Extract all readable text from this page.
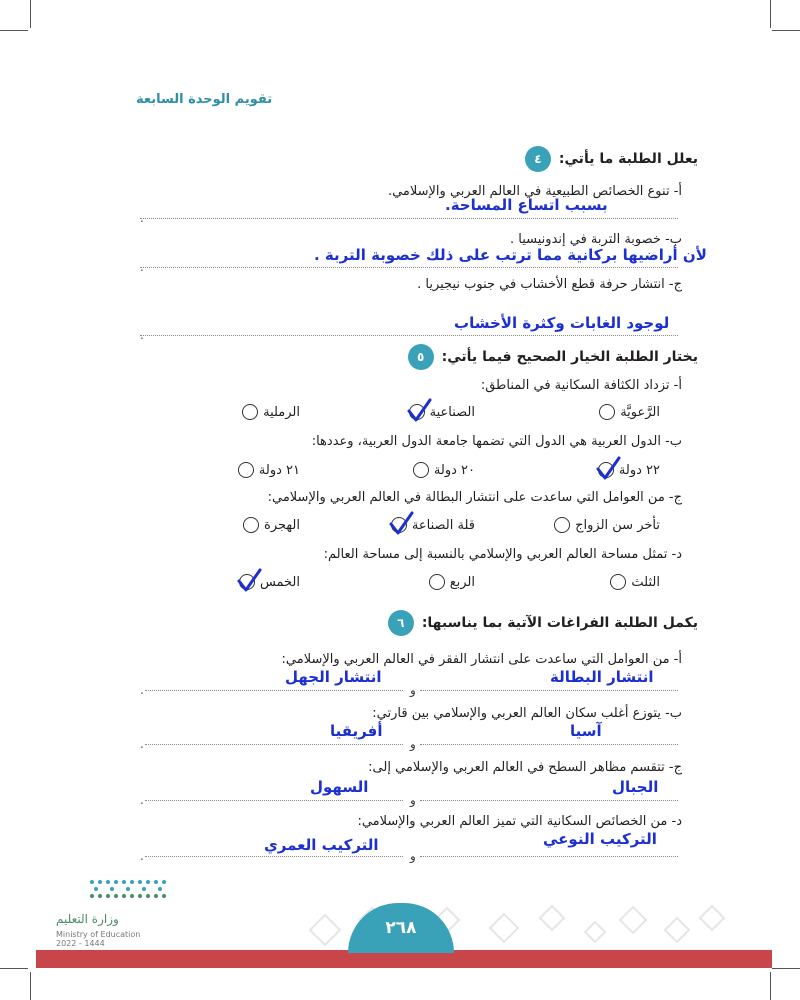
تقويم الوحدة السابعة
٤	يعلل الطلبة ما يأتي:
أ- تنوع الخصائص الطبيعية في العالم العربي والإسلامي.
بسبب اتساع المساحة.
.
ب- خصوبة التربة في إندونيسيا .
لأن أراضيها بركانية مما ترتب على ذلك خصوبة التربة .
.
ج- انتشار حرفة قطع الأخشاب في جنوب نيجيريا .
لوجود الغابات وكثرة الأخشاب
.
٥	يختار الطلبة الخيار الصحيح فيما يأتي:
أ- تزداد الكثافة السكانية في المناطق:
الرَّعويَّة
الصناعية
الرملية
ب- الدول العربية هي الدول التي تضمها جامعة الدول العربية، وعددها:
٢٢ دولة
٢٠ دولة
٢١ دولة
ج- من العوامل التي ساعدت على انتشار البطالة في العالم العربي والإسلامي:
تأخر سن الزواج
قلة الصناعة
الهجرة
د- تمثل مساحة العالم العربي والإسلامي بالنسبة إلى مساحة العالم:
الثلث
الربع
الخمس
٦	يكمل الطلبة الفراغات الآتية بما يناسبها:
أ- من العوامل التي ساعدت على انتشار الفقر في العالم العربي والإسلامي:
انتشار البطالة
انتشار الجهل
و
.
ب- يتوزع أغلب سكان العالم العربي والإسلامي بين قارتي:
آسيا
أفريقيا
و
.
ج- تتقسم مظاهر السطح في العالم العربي والإسلامي إلى:
الجبال
السهول
و
.
د- من الخصائص السكانية التي تميز العالم العربي والإسلامي:
التركيب النوعي
التركيب العمري
و
.
٢٦٨
وزارة التعليم
Ministry of Education
2022 - 1444
